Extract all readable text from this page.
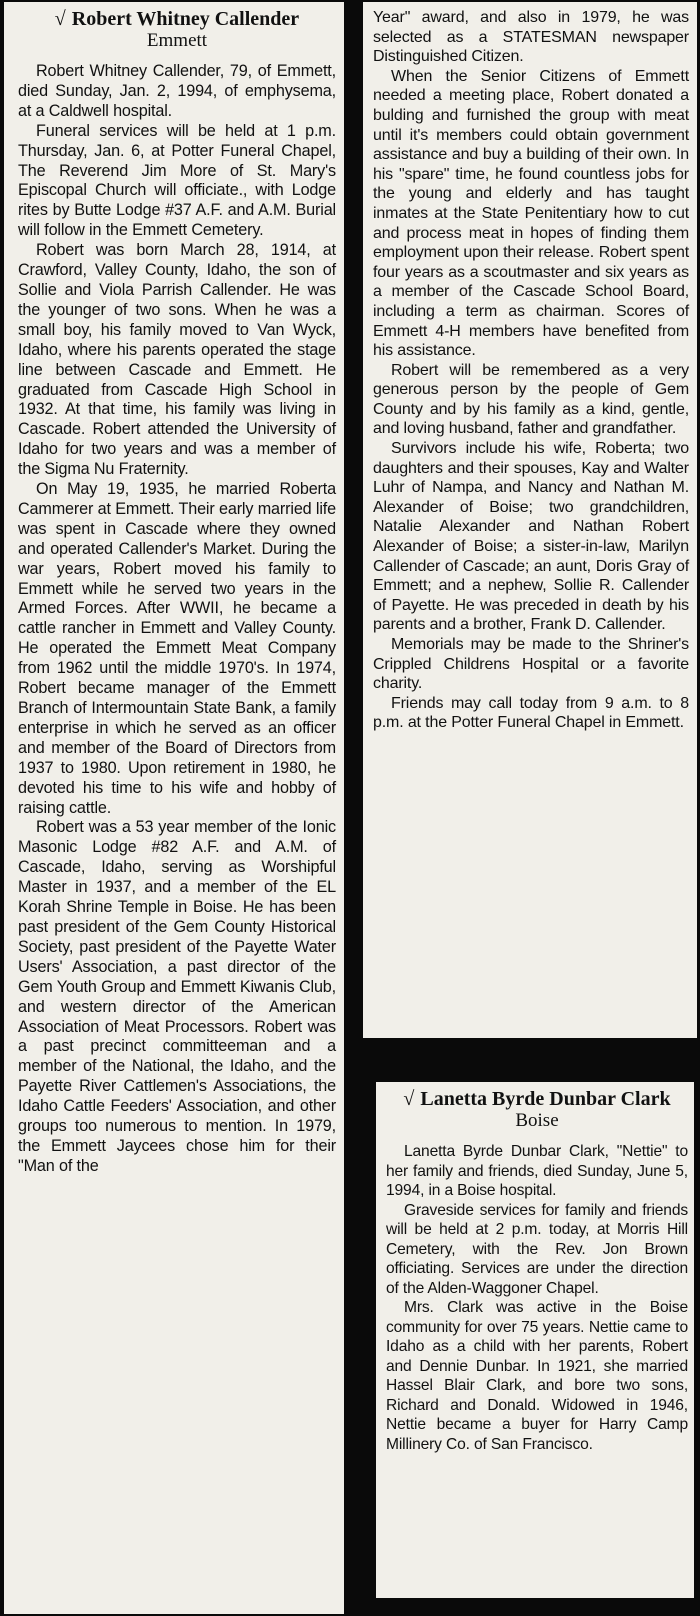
√ Robert Whitney Callender
Emmett

Robert Whitney Callender, 79, of Emmett, died Sunday, Jan. 2, 1994, of emphysema, at a Caldwell hospital.

Funeral services will be held at 1 p.m. Thursday, Jan. 6, at Potter Funeral Chapel, The Reverend Jim More of St. Mary's Episcopal Church will officiate., with Lodge rites by Butte Lodge #37 A.F. and A.M. Burial will follow in the Emmett Cemetery.

Robert was born March 28, 1914, at Crawford, Valley County, Idaho, the son of Sollie and Viola Parrish Callender. He was the younger of two sons. When he was a small boy, his family moved to Van Wyck, Idaho, where his parents operated the stage line between Cascade and Emmett. He graduated from Cascade High School in 1932. At that time, his family was living in Cascade. Robert attended the University of Idaho for two years and was a member of the Sigma Nu Fraternity.

On May 19, 1935, he married Roberta Cammerer at Emmett. Their early married life was spent in Cascade where they owned and operated Callender's Market. During the war years, Robert moved his family to Emmett while he served two years in the Armed Forces. After WWII, he became a cattle rancher in Emmett and Valley County. He operated the Emmett Meat Company from 1962 until the middle 1970's. In 1974, Robert became manager of the Emmett Branch of Intermountain State Bank, a family enterprise in which he served as an officer and member of the Board of Directors from 1937 to 1980. Upon retirement in 1980, he devoted his time to his wife and hobby of raising cattle.

Robert was a 53 year member of the Ionic Masonic Lodge #82 A.F. and A.M. of Cascade, Idaho, serving as Worshipful Master in 1937, and a member of the EL Korah Shrine Temple in Boise. He has been past president of the Gem County Historical Society, past president of the Payette Water Users' Association, a past director of the Gem Youth Group and Emmett Kiwanis Club, and western director of the American Association of Meat Processors. Robert was a past precinct committeeman and a member of the National, the Idaho, and the Payette River Cattlemen's Associations, the Idaho Cattle Feeders' Association, and other groups too numerous to mention. In 1979, the Emmett Jaycees chose him for their "Man of the

Year" award, and also in 1979, he was selected as a STATESMAN newspaper Distinguished Citizen.

When the Senior Citizens of Emmett needed a meeting place, Robert donated a bulding and furnished the group with meat until it's members could obtain government assistance and buy a building of their own. In his "spare" time, he found countless jobs for the young and elderly and has taught inmates at the State Penitentiary how to cut and process meat in hopes of finding them employment upon their release. Robert spent four years as a scoutmaster and six years as a member of the Cascade School Board, including a term as chairman. Scores of Emmett 4-H members have benefited from his assistance.

Robert will be remembered as a very generous person by the people of Gem County and by his family as a kind, gentle, and loving husband, father and grandfather.

Survivors include his wife, Roberta; two daughters and their spouses, Kay and Walter Luhr of Nampa, and Nancy and Nathan M. Alexander of Boise; two grandchildren, Natalie Alexander and Nathan Robert Alexander of Boise; a sister-in-law, Marilyn Callender of Cascade; an aunt, Doris Gray of Emmett; and a nephew, Sollie R. Callender of Payette. He was preceded in death by his parents and a brother, Frank D. Callender.

Memorials may be made to the Shriner's Crippled Childrens Hospital or a favorite charity.

Friends may call today from 9 a.m. to 8 p.m. at the Potter Funeral Chapel in Emmett.

√ Lanetta Byrde Dunbar Clark
Boise

Lanetta Byrde Dunbar Clark, "Nettie" to her family and friends, died Sunday, June 5, 1994, in a Boise hospital.

Graveside services for family and friends will be held at 2 p.m. today, at Morris Hill Cemetery, with the Rev. Jon Brown officiating. Services are under the direction of the Alden-Waggoner Chapel.

Mrs. Clark was active in the Boise community for over 75 years. Nettie came to Idaho as a child with her parents, Robert and Dennie Dunbar. In 1921, she married Hassel Blair Clark, and bore two sons, Richard and Donald. Widowed in 1946, Nettie became a buyer for Harry Camp Millinery Co. of San Francisco.
